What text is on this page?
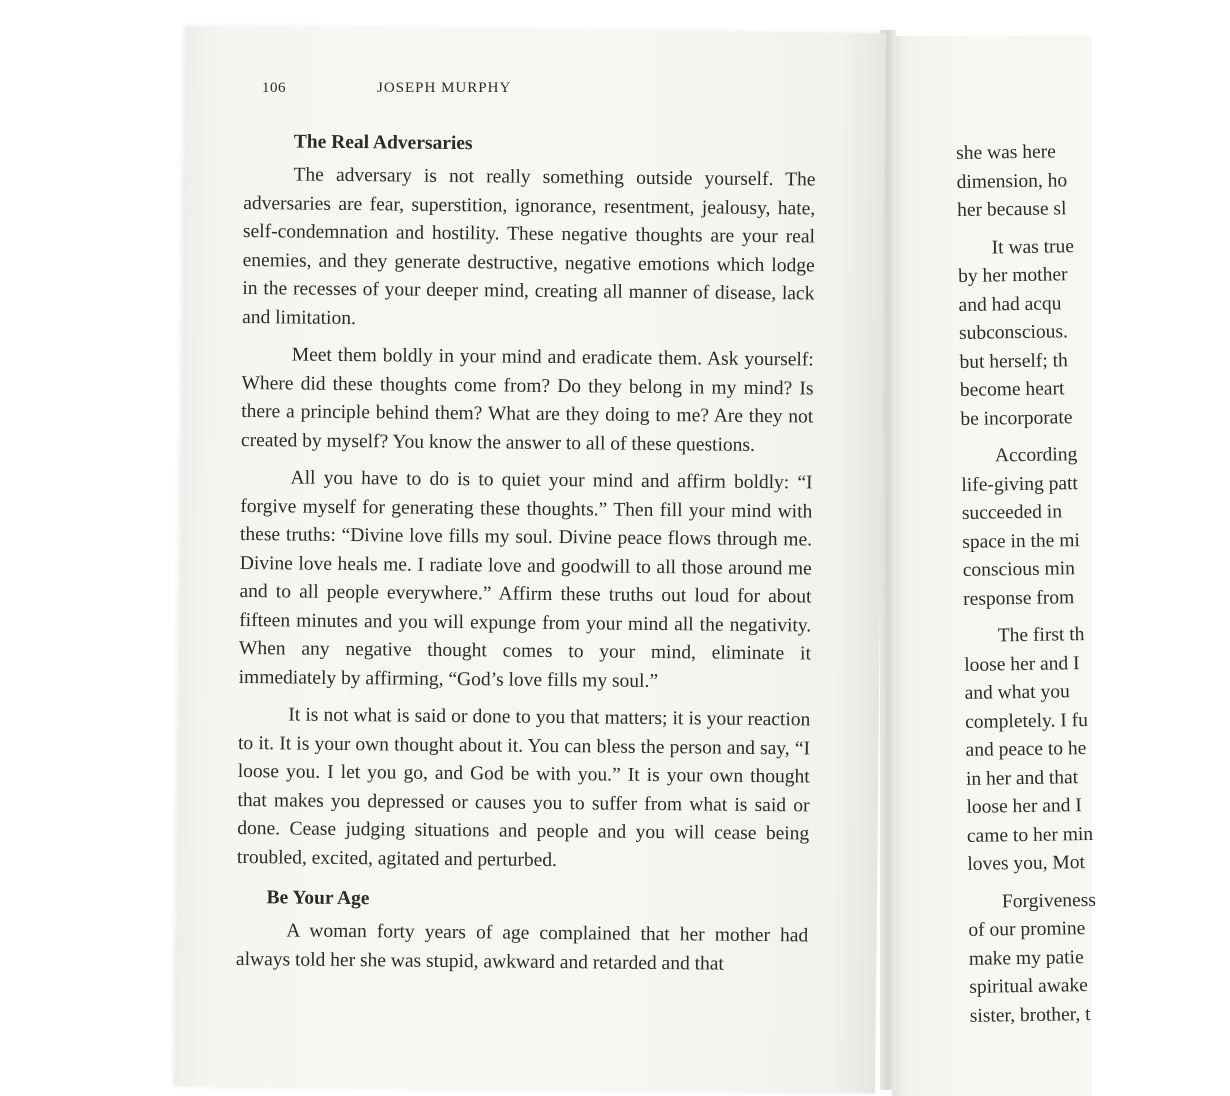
106	JOSEPH MURPHY
The Real Adversaries

The adversary is not really something outside yourself. The adversaries are fear, superstition, ignorance, resentment, jealousy, hate, self-condemnation and hostility. These negative thoughts are your real enemies, and they generate destructive, negative emotions which lodge in the recesses of your deeper mind, creating all manner of disease, lack and limitation.

Meet them boldly in your mind and eradicate them. Ask yourself: Where did these thoughts come from? Do they belong in my mind? Is there a principle behind them? What are they doing to me? Are they not created by myself? You know the answer to all of these questions.

All you have to do is to quiet your mind and affirm boldly: “I forgive myself for generating these thoughts.” Then fill your mind with these truths: “Divine love fills my soul. Divine peace flows through me. Divine love heals me. I radiate love and goodwill to all those around me and to all people everywhere.” Affirm these truths out loud for about fifteen minutes and you will expunge from your mind all the negativity. When any negative thought comes to your mind, eliminate it immediately by affirming, “God’s love fills my soul.”

It is not what is said or done to you that matters; it is your reaction to it. It is your own thought about it. You can bless the person and say, “I loose you. I let you go, and God be with you.” It is your own thought that makes you depressed or causes you to suffer from what is said or done. Cease judging situations and people and you will cease being troubled, excited, agitated and perturbed.

Be Your Age

A woman forty years of age complained that her mother had always told her she was stupid, awkward and retarded and that

she was here
dimension, ho
her because sl
It was true
by her mother
and had acqu
subconscious.
but herself; th
become heart
be incorporate
According
life-giving patt
succeeded in
space in the mi
conscious min
response from
The first th
loose her and I
and what you
completely. I fu
and peace to he
in her and that
loose her and I
came to her min
loves you, Mot
Forgiveness
of our promine
make my patie
spiritual awake
sister, brother, t
